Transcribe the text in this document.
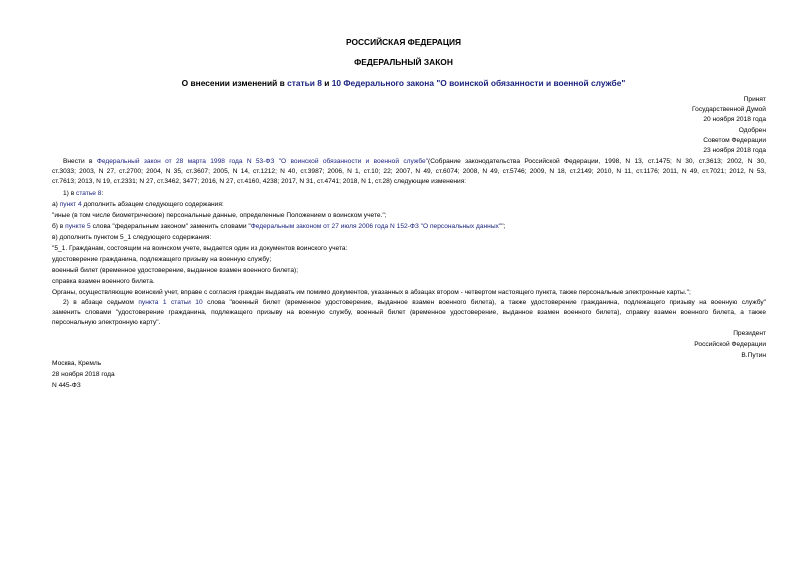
РОССИЙСКАЯ ФЕДЕРАЦИЯ
ФЕДЕРАЛЬНЫЙ ЗАКОН
О внесении изменений в статьи 8 и 10 Федерального закона "О воинской обязанности и военной службе"
Принят
Государственной Думой
20 ноября 2018 года
Одобрен
Советом Федерации
23 ноября 2018 года
Внести в Федеральный закон от 28 марта 1998 года N 53-ФЗ "О воинской обязанности и военной службе"(Собрание законодательства Российской Федерации, 1998, N 13, ст.1475; N 30, ст.3613; 2002, N 30,
ст.3033; 2003, N 27, ст.2700; 2004, N 35, ст.3607; 2005, N 14, ст.1212; N 40, ст.3987; 2006, N 1, ст.10; 22; 2007, N 49, ст.6074; 2008, N 49, ст.5746; 2009, N 18, ст.2149; 2010, N 11, ст.1176; 2011, N 49, ст.7021; 2012, N 53,
ст.7613; 2013, N 19, ст.2331; N 27, ст.3462, 3477; 2016, N 27, ст.4160, 4238; 2017, N 31, ст.4741; 2018, N 1, ст.28) следующие изменения:
1) в статье 8:
а) пункт 4 дополнить абзацем следующего содержания:
"иные (в том числе биометрические) персональные данные, определенные Положением о воинском учете.";
б) в пункте 5 слова "федеральным законом" заменить словами "Федеральным законом от 27 июля 2006 года N 152-ФЗ "О персональных данных"";
в) дополнить пунктом 5_1 следующего содержания:
"5_1. Гражданам, состоящим на воинском учете, выдается один из документов воинского учета:
удостоверение гражданина, подлежащего призыву на военную службу;
военный билет (временное удостоверение, выданное взамен военного билета);
справка взамен военного билета.
Органы, осуществляющие воинский учет, вправе с согласия граждан выдавать им помимо документов, указанных в абзацах втором - четвертом настоящего пункта, также персональные электронные карты.";
2) в абзаце седьмом пункта 1 статьи 10 слова "военный билет (временное удостоверение, выданное взамен военного билета), а также удостоверение гражданина, подлежащего призыву на военную службу"
заменить словами "удостоверение гражданина, подлежащего призыву на военную службу, военный билет (временное удостоверение, выданное взамен военного билета), справку взамен военного билета, а также
персональную электронную карту".
Президент
Российской Федерации
В.Путин
Москва, Кремль
28 ноября 2018 года
N 445-ФЗ
